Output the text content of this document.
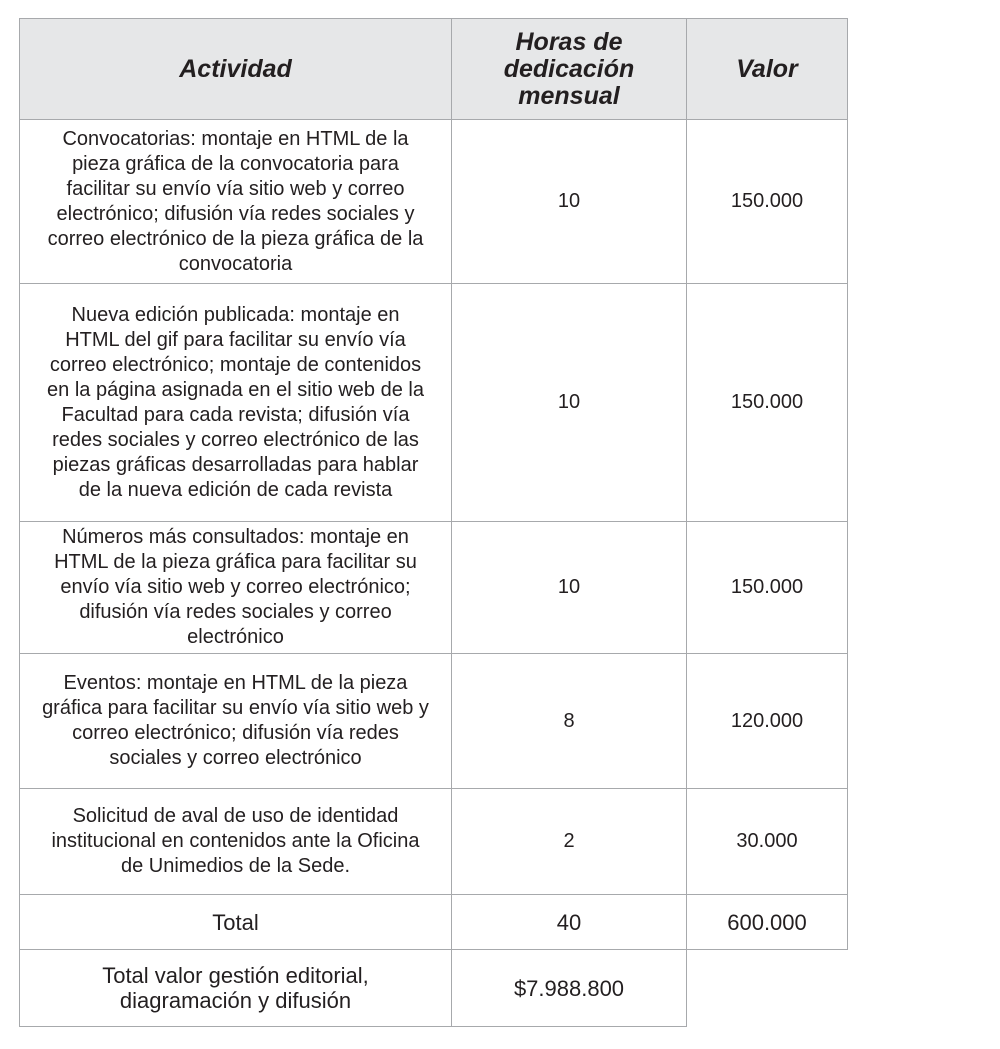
Actividad	Horas de dedicación mensual	Valor
Convocatorias: montaje en HTML de la pieza gráfica de la convocatoria para facilitar su envío vía sitio web y correo electrónico; difusión vía redes sociales y correo electrónico de la pieza gráfica de la convocatoria	10	150.000
Nueva edición publicada: montaje en HTML del gif para facilitar su envío vía correo electrónico; montaje de contenidos en la página asignada en el sitio web de la Facultad para cada revista; difusión vía redes sociales y correo electrónico de las piezas gráficas desarrolladas para hablar de la nueva edición de cada revista	10	150.000
Números más consultados: montaje en HTML de la pieza gráfica para facilitar su envío vía sitio web y correo electrónico; difusión vía redes sociales y correo electrónico	10	150.000
Eventos: montaje en HTML de la pieza gráfica para facilitar su envío vía sitio web y correo electrónico; difusión vía redes sociales y correo electrónico	8	120.000
Solicitud de aval de uso de identidad institucional en contenidos ante la Oficina de Unimedios de la Sede.	2	30.000
Total	40	600.000
Total valor gestión editorial, diagramación y difusión	$7.988.800	
